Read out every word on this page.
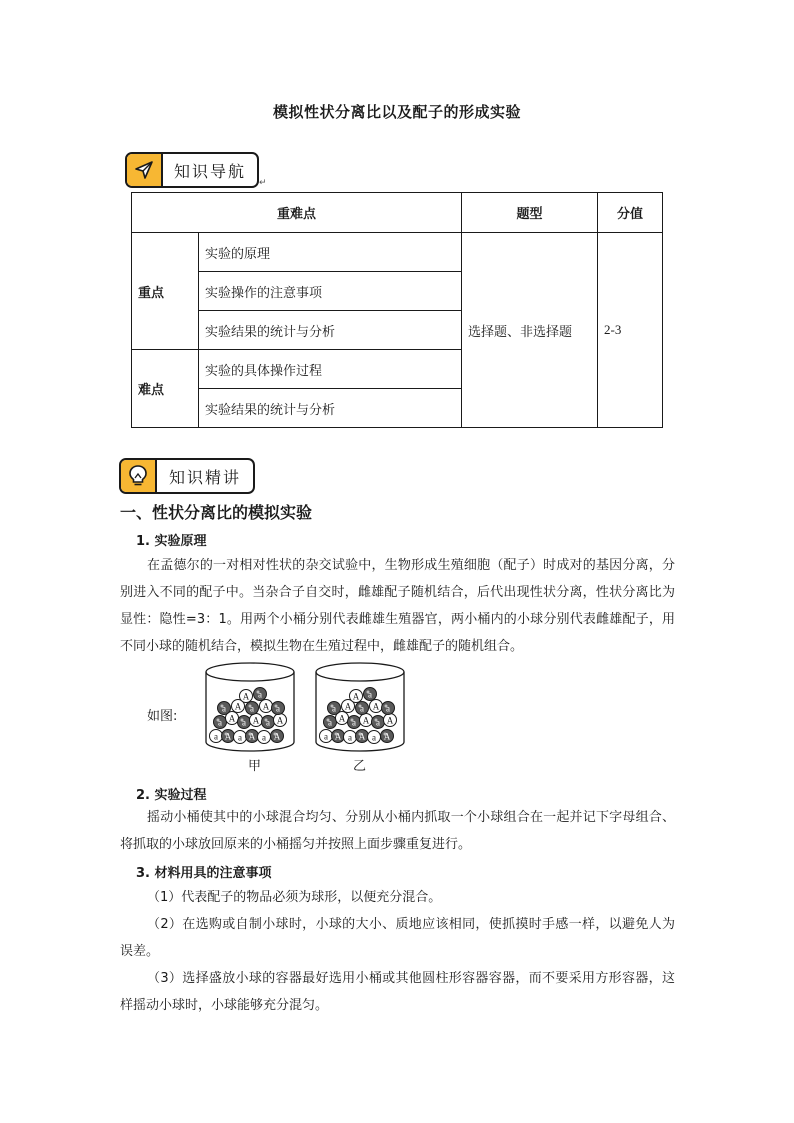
模拟性状分离比以及配子的形成实验
知识导航
↵
重难点		题型	分值
重点	实验的原理	选择题、非选择题	2-3
	实验操作的注意事项		
	实验结果的统计与分析		
难点	实验的具体操作过程		
	实验结果的统计与分析		
知识精讲
一、性状分离比的模拟实验
1. 实验原理
在孟德尔的一对相对性状的杂交试验中，生物形成生殖细胞（配子）时成对的基因分离，分别进入不同的配子中。当杂合子自交时，雌雄配子随机结合，后代出现性状分离，性状分离比为显性：隐性=3：1。用两个小桶分别代表雌雄生殖器官，两小桶内的小球分别代表雌雄配子，用不同小球的随机结合，模拟生物在生殖过程中，雌雄配子的随机组合。
如图:	a A a A a A
a A a A a A
a A a A a
A a
a A a A a A
a A a A a A
a A a A a
A a
甲	乙
2. 实验过程
摇动小桶使其中的小球混合均匀、分别从小桶内抓取一个小球组合在一起并记下字母组合、将抓取的小球放回原来的小桶摇匀并按照上面步骤重复进行。
3. 材料用具的注意事项
（1）代表配子的物品必须为球形，以便充分混合。
（2）在选购或自制小球时，小球的大小、质地应该相同，使抓摸时手感一样，以避免人为误差。
（3）选择盛放小球的容器最好选用小桶或其他圆柱形容器容器，而不要采用方形容器，这样摇动小球时，小球能够充分混匀。
